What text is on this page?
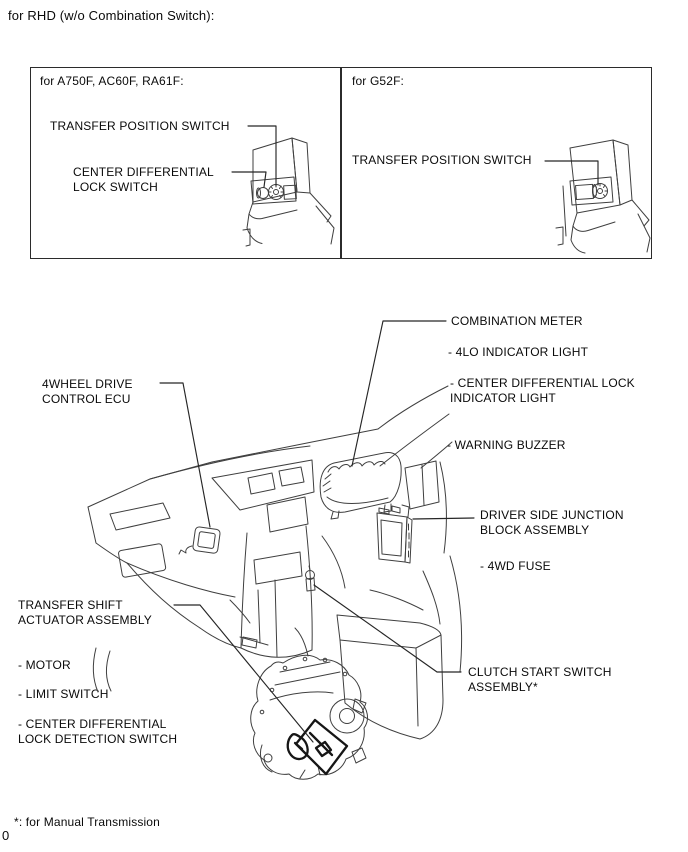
for RHD (w/o Combination Switch):
for A750F, AC60F, RA61F:	for G52F:
TRANSFER POSITION SWITCH
CENTER DIFFERENTIAL LOCK SWITCH
TRANSFER POSITION SWITCH
COMBINATION METER
- 4LO INDICATOR LIGHT
- CENTER DIFFERENTIAL LOCK INDICATOR LIGHT
- WARNING BUZZER
4WHEEL DRIVE CONTROL ECU
DRIVER SIDE JUNCTION BLOCK ASSEMBLY
- 4WD FUSE
TRANSFER SHIFT ACTUATOR ASSEMBLY
- MOTOR
- LIMIT SWITCH
- CENTER DIFFERENTIAL LOCK DETECTION SWITCH
CLUTCH START SWITCH ASSEMBLY*
*: for Manual Transmission
0
